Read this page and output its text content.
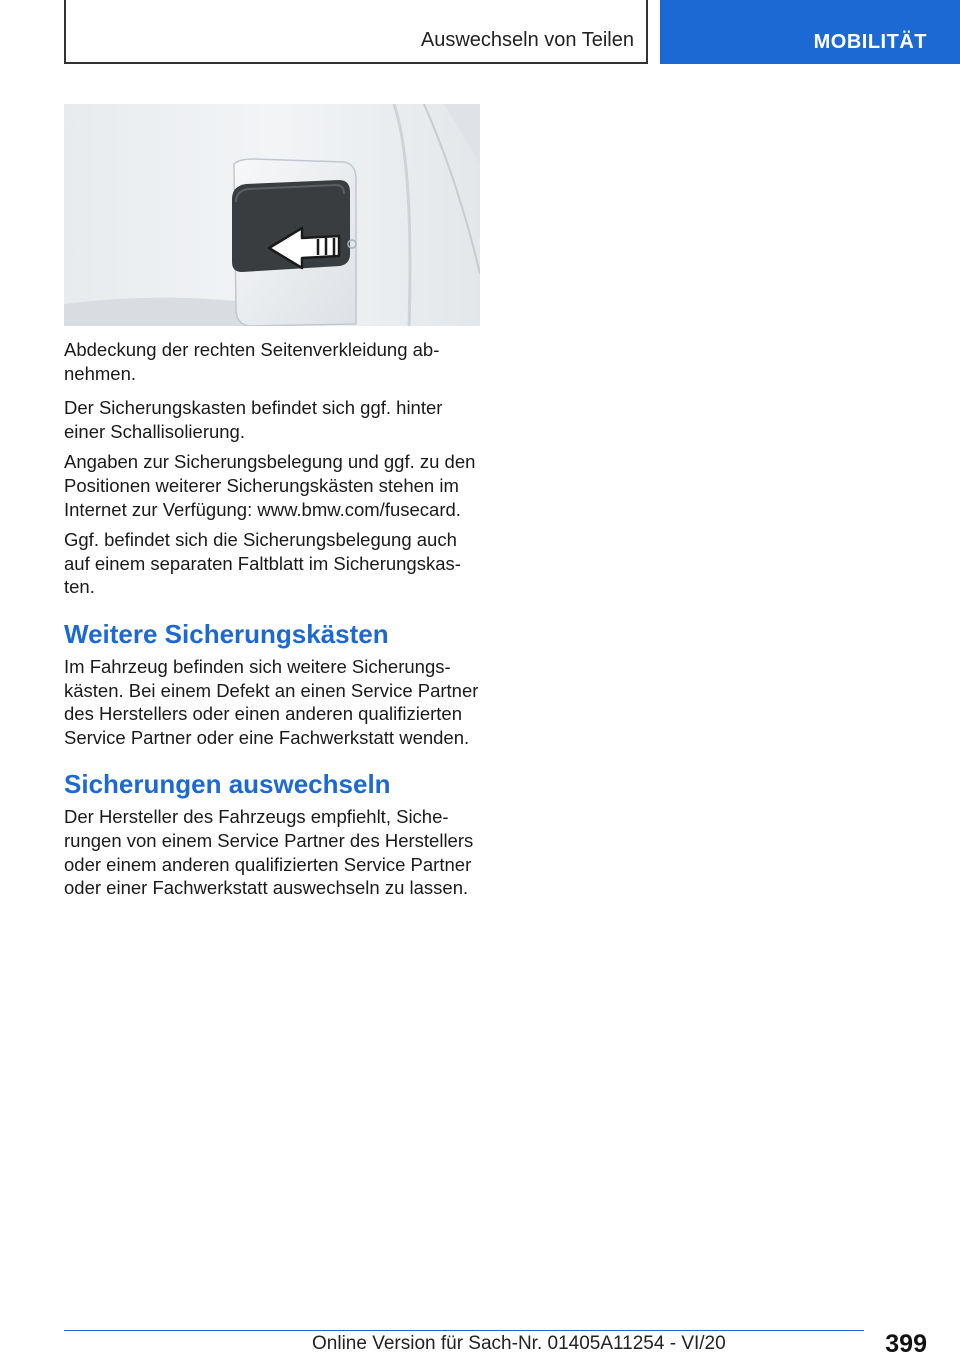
Auswechseln von Teilen	MOBILITÄT

Abdeckung der rechten Seitenverkleidung abnehmen.

Der Sicherungskasten befindet sich ggf. hinter einer Schallisolierung.

Angaben zur Sicherungsbelegung und ggf. zu den Positionen weiterer Sicherungskästen stehen im Internet zur Verfügung: www.bmw.com/fusecard.

Ggf. befindet sich die Sicherungsbelegung auch auf einem separaten Faltblatt im Sicherungskasten.

Weitere Sicherungskästen

Im Fahrzeug befinden sich weitere Sicherungskästen. Bei einem Defekt an einen Service Partner des Herstellers oder einen anderen qualifizierten Service Partner oder eine Fachwerkstatt wenden.

Sicherungen auswechseln

Der Hersteller des Fahrzeugs empfiehlt, Sicherungen von einem Service Partner des Herstellers oder einem anderen qualifizierten Service Partner oder einer Fachwerkstatt auswechseln zu lassen.

399
Online Version für Sach-Nr. 01405A11254 - VI/20
